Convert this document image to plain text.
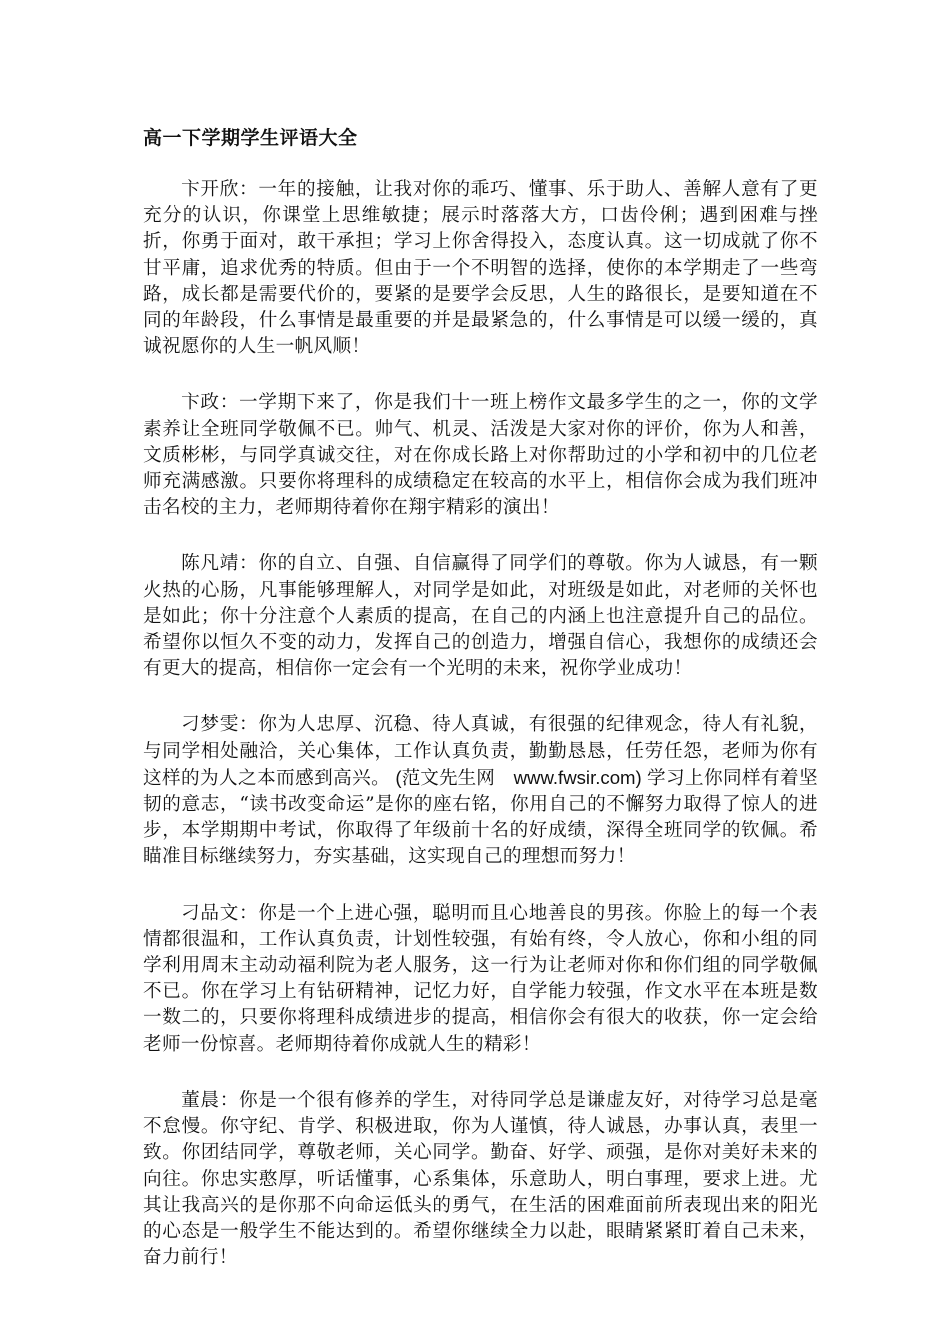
高一下学期学生评语大全

卞开欣：一年的接触，让我对你的乖巧、懂事、乐于助人、善解人意有了更充分的认识，你课堂上思维敏捷；展示时落落大方，口齿伶俐；遇到困难与挫折，你勇于面对，敢干承担；学习上你舍得投入，态度认真。这一切成就了你不甘平庸，追求优秀的特质。但由于一个不明智的选择，使你的本学期走了一些弯路，成长都是需要代价的，要紧的是要学会反思，人生的路很长，是要知道在不同的年龄段，什么事情是最重要的并是最紧急的，什么事情是可以缓一缓的，真诚祝愿你的人生一帆风顺！

卞政：一学期下来了，你是我们十一班上榜作文最多学生的之一，你的文学素养让全班同学敬佩不已。帅气、机灵、活泼是大家对你的评价，你为人和善，文质彬彬，与同学真诚交往，对在你成长路上对你帮助过的小学和初中的几位老师充满感激。只要你将理科的成绩稳定在较高的水平上，相信你会成为我们班冲击名校的主力，老师期待着你在翔宇精彩的演出！

陈凡靖：你的自立、自强、自信赢得了同学们的尊敬。你为人诚恳，有一颗火热的心肠，凡事能够理解人，对同学是如此，对班级是如此，对老师的关怀也是如此；你十分注意个人素质的提高，在自己的内涵上也注意提升自己的品位。希望你以恒久不变的动力，发挥自己的创造力，增强自信心，我想你的成绩还会有更大的提高，相信你一定会有一个光明的未来，祝你学业成功！

刁梦雯：你为人忠厚、沉稳、待人真诚，有很强的纪律观念，待人有礼貌，与同学相处融洽，关心集体，工作认真负责，勤勤恳恳，任劳任怨，老师为你有这样的为人之本而感到高兴。 (范文先生网　www.fwsir.com) 学习上你同样有着坚韧的意志，“读书改变命运”是你的座右铭，你用自己的不懈努力取得了惊人的进步，本学期期中考试，你取得了年级前十名的好成绩，深得全班同学的钦佩。希瞄准目标继续努力，夯实基础，这实现自己的理想而努力！

刁品文：你是一个上进心强，聪明而且心地善良的男孩。你脸上的每一个表情都很温和，工作认真负责，计划性较强，有始有终，令人放心，你和小组的同学利用周末主动动福利院为老人服务，这一行为让老师对你和你们组的同学敬佩不已。你在学习上有钻研精神，记忆力好，自学能力较强，作文水平在本班是数一数二的，只要你将理科成绩进步的提高，相信你会有很大的收获，你一定会给老师一份惊喜。老师期待着你成就人生的精彩！

董晨：你是一个很有修养的学生，对待同学总是谦虚友好，对待学习总是毫不怠慢。你守纪、肯学、积极进取，你为人谨慎，待人诚恳，办事认真，表里一致。你团结同学，尊敬老师，关心同学。勤奋、好学、顽强，是你对美好未来的向往。你忠实憨厚，听话懂事，心系集体，乐意助人，明白事理，要求上进。尤其让我高兴的是你那不向命运低头的勇气，在生活的困难面前所表现出来的阳光的心态是一般学生不能达到的。希望你继续全力以赴，眼睛紧紧盯着自己未来，奋力前行！
